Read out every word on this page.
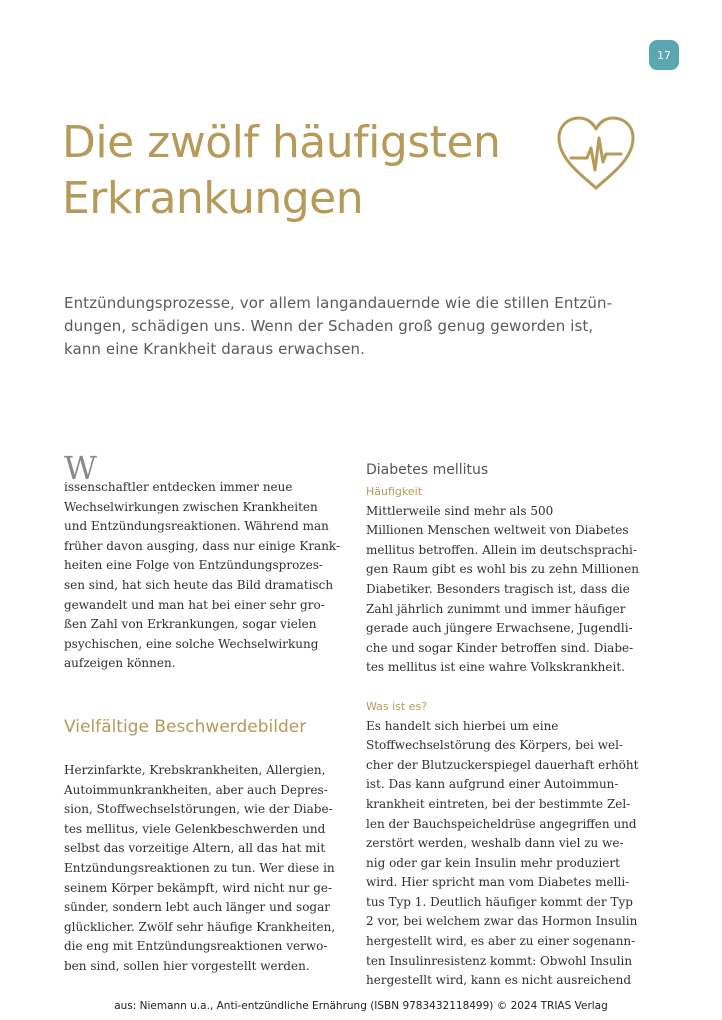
17
Die zwölf häufigsten
Erkrankungen

Entzündungsprozesse, vor allem langandauernde wie die stillen Entzün-
dungen, schädigen uns. Wenn der Schaden groß genug geworden ist,
kann eine Krankheit daraus erwachsen.

W
issenschaftler entdecken immer neue
Wechselwirkungen zwischen Krankheiten
und Entzündungsreaktionen. Während man
früher davon ausging, dass nur einige Krank-
heiten eine Folge von Entzündungsprozes-
sen sind, hat sich heute das Bild dramatisch
gewandelt und man hat bei einer sehr gro-
ßen Zahl von Erkrankungen, sogar vielen
psychischen, eine solche Wechselwirkung
aufzeigen können.

Vielfältige Beschwerdebilder

Herzinfarkte, Krebskrankheiten, Allergien,
Autoimmunkrankheiten, aber auch Depres-
sion, Stoffwechselstörungen, wie der Diabe-
tes mellitus, viele Gelenkbeschwerden und
selbst das vorzeitige Altern, all das hat mit
Entzündungsreaktionen zu tun. Wer diese in
seinem Körper bekämpft, wird nicht nur ge-
sünder, sondern lebt auch länger und sogar
glücklicher. Zwölf sehr häufige Krankheiten,
die eng mit Entzündungsreaktionen verwo-
ben sind, sollen hier vorgestellt werden.

Diabetes mellitus

Häufigkeit
Mittlerweile sind mehr als 500
Millionen Menschen weltweit von Diabetes
mellitus betroffen. Allein im deutschsprachi-
gen Raum gibt es wohl bis zu zehn Millionen
Diabetiker. Besonders tragisch ist, dass die
Zahl jährlich zunimmt und immer häufiger
gerade auch jüngere Erwachsene, Jugendli-
che und sogar Kinder betroffen sind. Diabe-
tes mellitus ist eine wahre Volkskrankheit.

Was ist es?
Es handelt sich hierbei um eine
Stoffwechselstörung des Körpers, bei wel-
cher der Blutzuckerspiegel dauerhaft erhöht
ist. Das kann aufgrund einer Autoimmun-
krankheit eintreten, bei der bestimmte Zel-
len der Bauchspeicheldrüse angegriffen und
zerstört werden, weshalb dann viel zu we-
nig oder gar kein Insulin mehr produziert
wird. Hier spricht man vom Diabetes melli-
tus Typ 1. Deutlich häufiger kommt der Typ
2 vor, bei welchem zwar das Hormon Insulin
hergestellt wird, es aber zu einer sogenann-
ten Insulinresistenz kommt: Obwohl Insulin
hergestellt wird, kann es nicht ausreichend

aus: Niemann u.a., Anti-entzündliche Ernährung (ISBN 9783432118499) © 2024 TRIAS Verlag
